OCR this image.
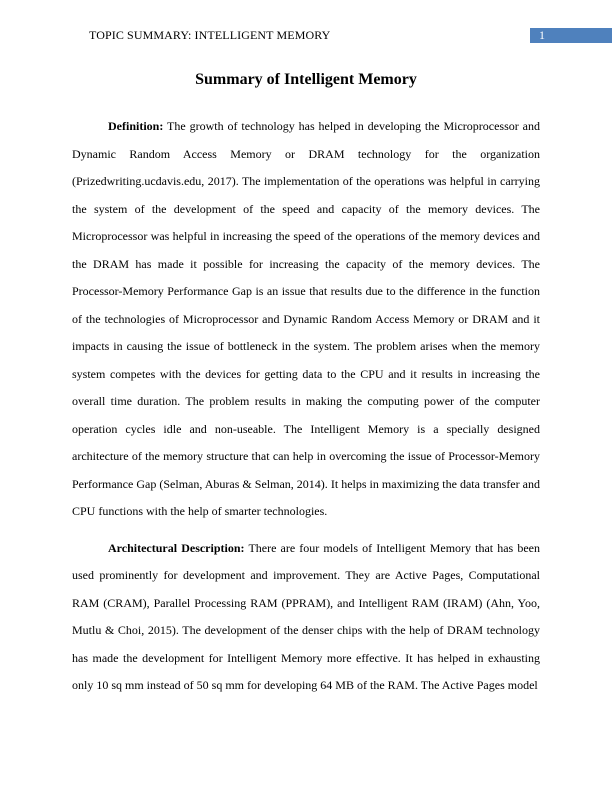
TOPIC SUMMARY: INTELLIGENT MEMORY	1
Summary of Intelligent Memory

Definition: The growth of technology has helped in developing the Microprocessor and Dynamic Random Access Memory or DRAM technology for the organization (Prizedwriting.ucdavis.edu, 2017). The implementation of the operations was helpful in carrying the system of the development of the speed and capacity of the memory devices. The Microprocessor was helpful in increasing the speed of the operations of the memory devices and the DRAM has made it possible for increasing the capacity of the memory devices. The Processor-Memory Performance Gap is an issue that results due to the difference in the function of the technologies of Microprocessor and Dynamic Random Access Memory or DRAM and it impacts in causing the issue of bottleneck in the system. The problem arises when the memory system competes with the devices for getting data to the CPU and it results in increasing the overall time duration. The problem results in making the computing power of the computer operation cycles idle and non-useable. The Intelligent Memory is a specially designed architecture of the memory structure that can help in overcoming the issue of Processor-Memory Performance Gap (Selman, Aburas & Selman, 2014). It helps in maximizing the data transfer and CPU functions with the help of smarter technologies.

Architectural Description: There are four models of Intelligent Memory that has been used prominently for development and improvement. They are Active Pages, Computational RAM (CRAM), Parallel Processing RAM (PPRAM), and Intelligent RAM (IRAM) (Ahn, Yoo, Mutlu & Choi, 2015). The development of the denser chips with the help of DRAM technology has made the development for Intelligent Memory more effective. It has helped in exhausting only 10 sq mm instead of 50 sq mm for developing 64 MB of the RAM. The Active Pages model
